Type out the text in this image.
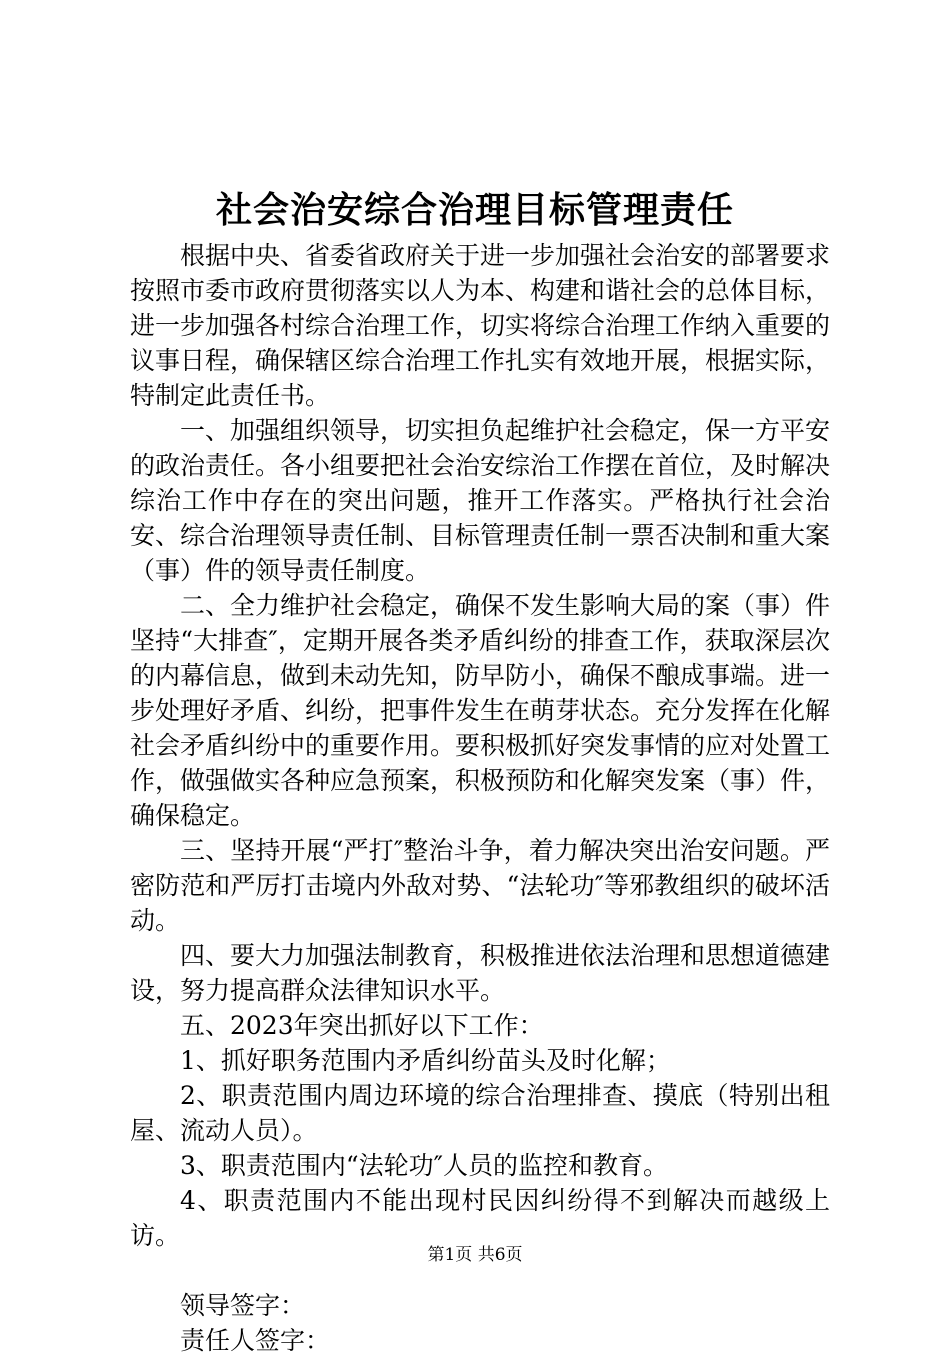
社会治安综合治理目标管理责任

根据中央、省委省政府关于进一步加强社会治安的部署要求按照市委市政府贯彻落实以人为本、构建和谐社会的总体目标，进一步加强各村综合治理工作，切实将综合治理工作纳入重要的议事日程，确保辖区综合治理工作扎实有效地开展，根据实际，特制定此责任书。

一、加强组织领导，切实担负起维护社会稳定，保一方平安的政治责任。各小组要把社会治安综治工作摆在首位，及时解决综治工作中存在的突出问题，推开工作落实。严格执行社会治安、综合治理领导责任制、目标管理责任制一票否决制和重大案（事）件的领导责任制度。

二、全力维护社会稳定，确保不发生影响大局的案（事）件坚持“大排查″，定期开展各类矛盾纠纷的排查工作，获取深层次的内幕信息，做到未动先知，防早防小，确保不酿成事端。进一步处理好矛盾、纠纷，把事件发生在萌芽状态。充分发挥在化解社会矛盾纠纷中的重要作用。要积极抓好突发事情的应对处置工作，做强做实各种应急预案，积极预防和化解突发案（事）件，确保稳定。

三、坚持开展“严打″整治斗争，着力解决突出治安问题。严密防范和严厉打击境内外敌对势、“法轮功″等邪教组织的破坏活动。

四、要大力加强法制教育，积极推进依法治理和思想道德建设，努力提高群众法律知识水平。

五、2023年突出抓好以下工作：

1、抓好职务范围内矛盾纠纷苗头及时化解；

2、职责范围内周边环境的综合治理排查、摸底（特别出租屋、流动人员）。

3、职责范围内“法轮功″人员的监控和教育。

4、职责范围内不能出现村民因纠纷得不到解决而越级上访。

领导签字：

责任人签字：

第1页 共6页
